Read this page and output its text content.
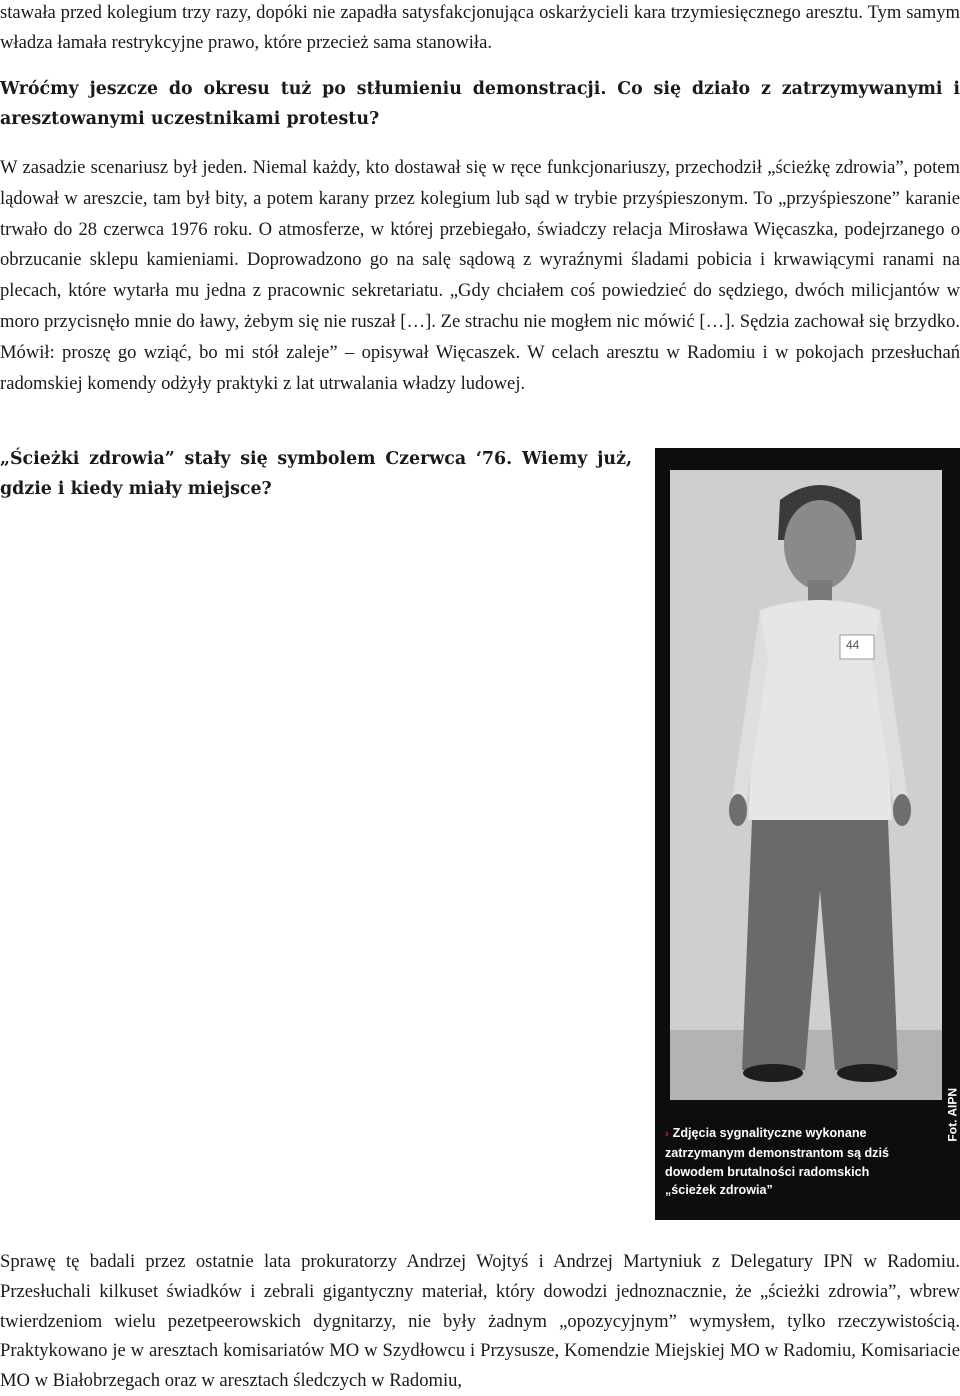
stawała przed kolegium trzy razy, dopóki nie zapadła satysfakcjonująca oskarżycieli kara trzymiesięcznego aresztu. Tym samym władza łamała restrykcyjne prawo, które przecież sama stanowiła.

Wróćmy jeszcze do okresu tuż po stłumieniu demonstracji. Co się działo z zatrzymywanymi i aresztowanymi uczestnikami protestu?

W zasadzie scenariusz był jeden. Niemal każdy, kto dostawał się w ręce funkcjonariuszy, przechodził „ścieżkę zdrowia”, potem lądował w areszcie, tam był bity, a potem karany przez kolegium lub sąd w trybie przyśpieszonym. To „przyśpieszone” karanie trwało do 28 czerwca 1976 roku. O atmosferze, w której przebiegało, świadczy relacja Mirosława Więcaszka, podejrzanego o obrzucanie sklepu kamieniami. Doprowadzono go na salę sądową z wyraźnymi śladami pobicia i krwawiącymi ranami na plecach, które wytarła mu jedna z pracownic sekretariatu. „Gdy chciałem coś powiedzieć do sędziego, dwóch milicjantów w moro przycisnęło mnie do ławy, żebym się nie ruszał […]. Ze strachu nie mogłem nic mówić […]. Sędzia zachował się brzydko. Mówił: proszę go wziąć, bo mi stół zaleje” – opisywał Więcaszek. W celach aresztu w Radomiu i w pokojach przesłuchań radomskiej komendy odżyły praktyki z lat utrwalania władzy ludowej.

„Ścieżki zdrowia” stały się symbolem Czerwca ‘76. Wiemy już, gdzie i kiedy miały miejsce?

44
Fot. AIPN
› Zdjęcia sygnalityczne wykonane zatrzymanym demonstrantom są dziś dowodem brutalności radomskich „ścieżek zdrowia”

Sprawę tę badali przez ostatnie lata prokuratorzy Andrzej Wojtyś i Andrzej Martyniuk z Delegatury IPN w Radomiu. Przesłuchali kilkuset świadków i zebrali gigantyczny materiał, który dowodzi jednoznacznie, że „ścieżki zdrowia”, wbrew twierdzeniom wielu pezetpeerowskich dygnitarzy, nie były żadnym „opozycyjnym” wymysłem, tylko rzeczywistością. Praktykowano je w aresztach komisariatów MO w Szydłowcu i Przysusze, Komendzie Miejskiej MO w Radomiu, Komisariacie MO w Białobrzegach oraz w aresztach śledczych w Radomiu,
